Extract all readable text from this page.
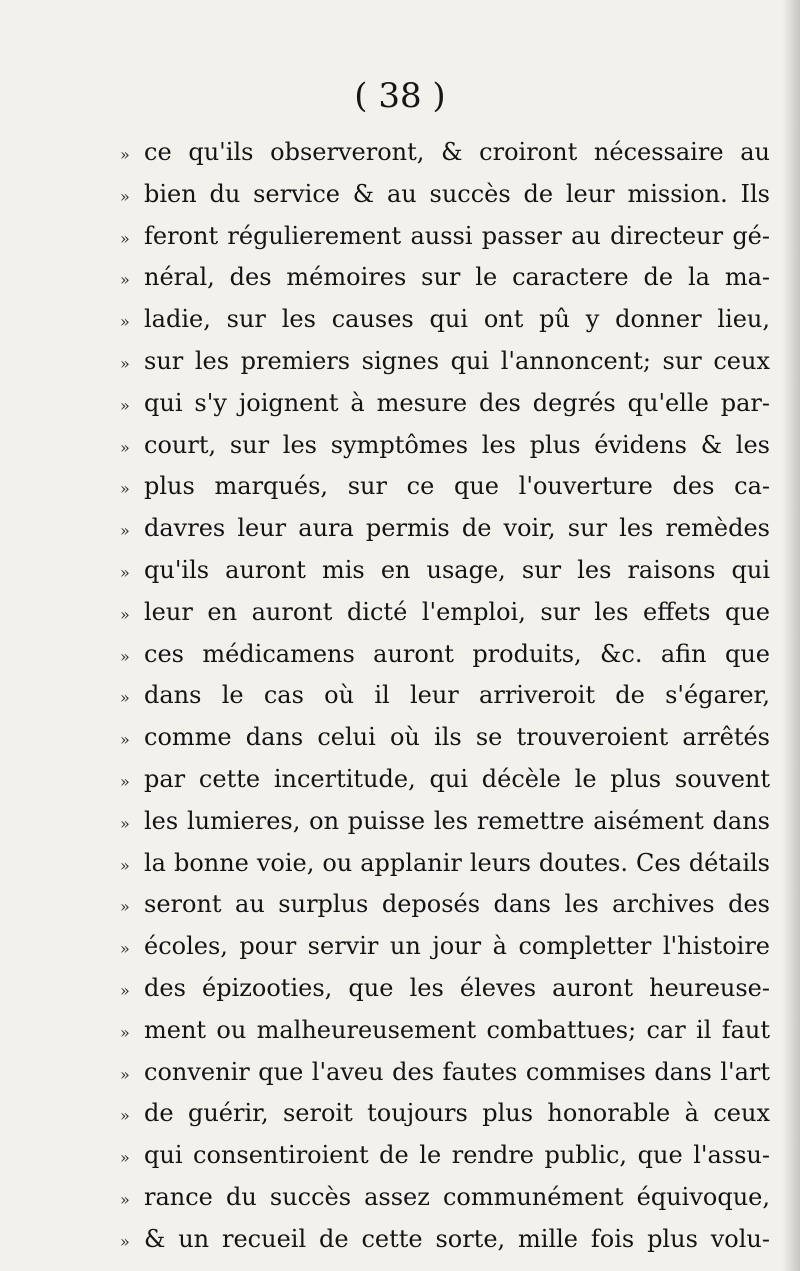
( 38 )
» ce qu'ils observeront, & croiront nécessaire au
» bien du service & au succès de leur mission. Ils
» feront régulierement aussi passer au directeur gé-
» néral, des mémoires sur le caractere de la ma-
» ladie, sur les causes qui ont pû y donner lieu,
» sur les premiers signes qui l'annoncent; sur ceux
» qui s'y joignent à mesure des degrés qu'elle par-
» court, sur les symptômes les plus évidens & les
» plus marqués, sur ce que l'ouverture des ca-
» davres leur aura permis de voir, sur les remèdes
» qu'ils auront mis en usage, sur les raisons qui
» leur en auront dicté l'emploi, sur les effets que
» ces médicamens auront produits, &c. afin que
» dans le cas où il leur arriveroit de s'égarer,
» comme dans celui où ils se trouveroient arrêtés
» par cette incertitude, qui décèle le plus souvent
» les lumieres, on puisse les remettre aisément dans
» la bonne voie, ou applanir leurs doutes. Ces détails
» seront au surplus deposés dans les archives des
» écoles, pour servir un jour à completter l'histoire
» des épizooties, que les éleves auront heureuse-
» ment ou malheureusement combattues; car il faut
» convenir que l'aveu des fautes commises dans l'art
» de guérir, seroit toujours plus honorable à ceux
» qui consentiroient de le rendre public, que l'assu-
» rance du succès assez communément équivoque,
» & un recueil de cette sorte, mille fois plus volu-
